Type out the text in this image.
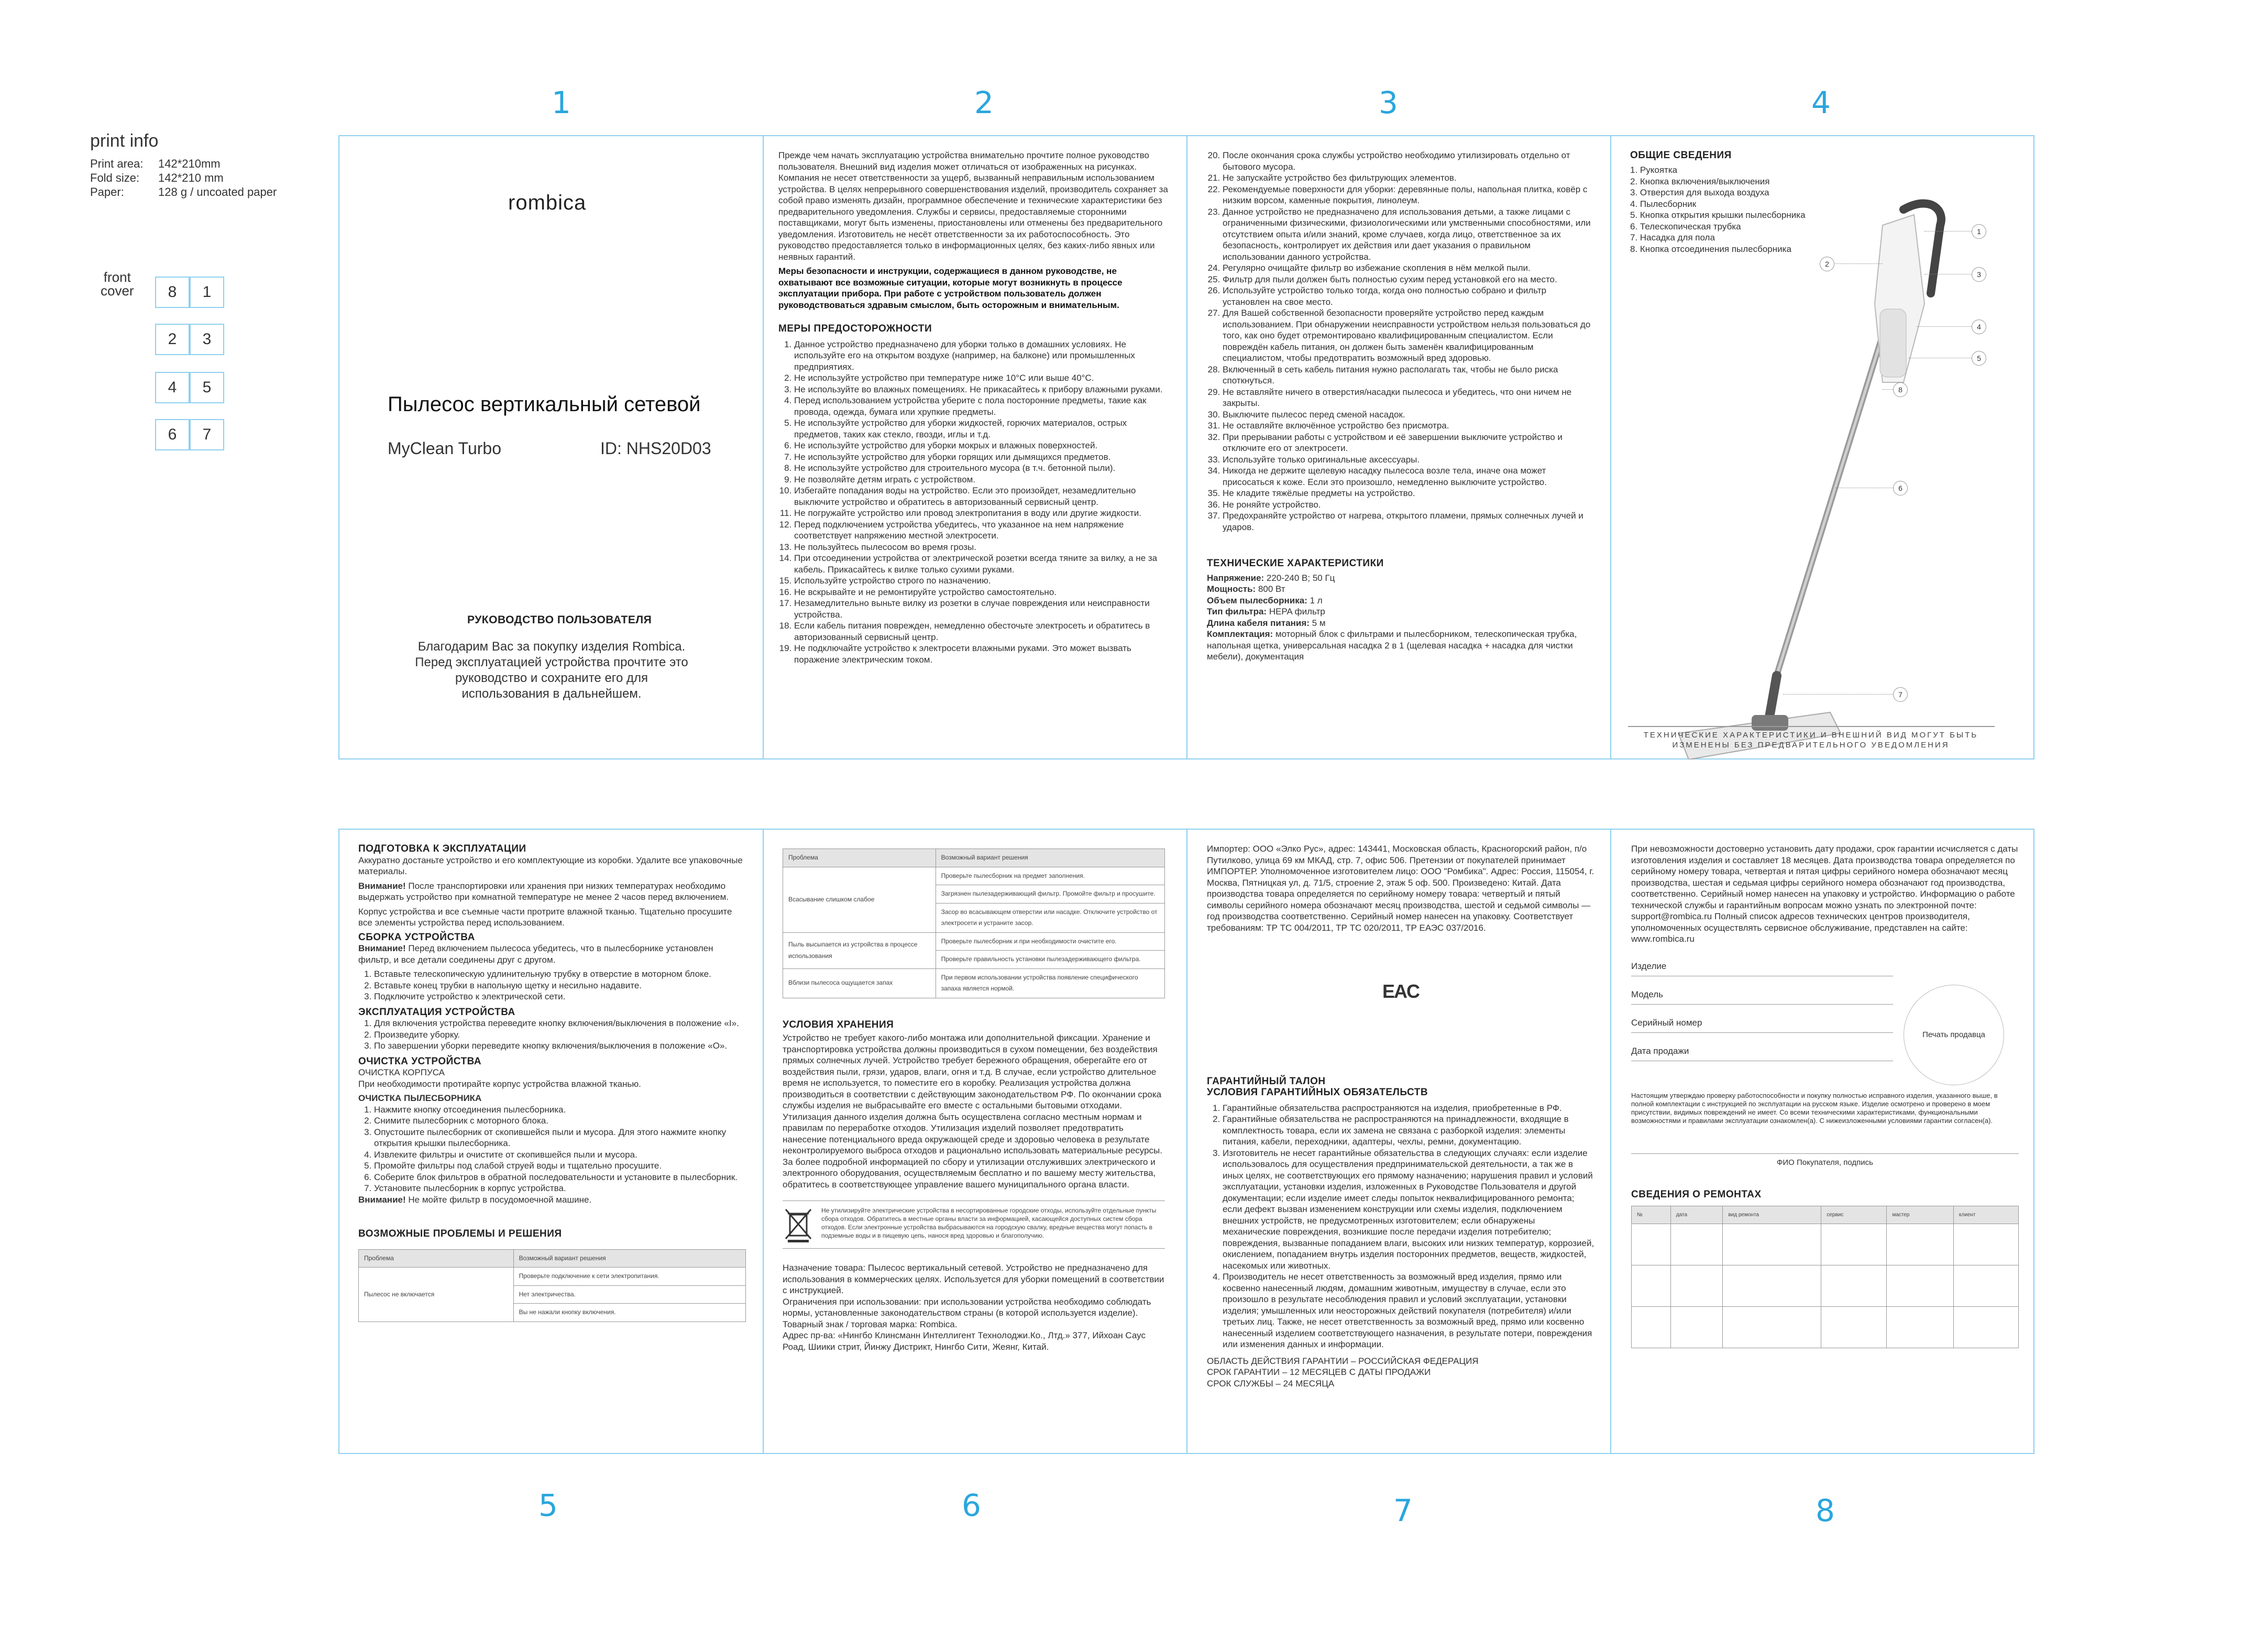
print info
Print area:	142*210mm
Fold size:	142*210 mm
Paper:	128 g / uncoated paper
front
cover	8	1
2	3
4	5
6	7
1	2	3	4
5	6	7	8
rombica
Пылесос вертикальный сетевой
MyClean Turbo	ID: NHS20D03
РУКОВОДСТВО ПОЛЬЗОВАТЕЛЯ
Благодарим Вас за покупку изделия Rombica. Перед эксплуатацией устройства прочтите это руководство и сохраните его для использования в дальнейшем.

Прежде чем начать эксплуатацию устройства внимательно прочтите полное руководство пользователя. Внешний вид изделия может отличаться от изображенных на рисунках. Компания не несет ответственности за ущерб, вызванный неправильным использованием устройства. В целях непрерывного совершенствования изделий, производитель сохраняет за собой право изменять дизайн, программное обеспечение и технические характеристики без предварительного уведомления. Службы и сервисы, предоставляемые сторонними поставщиками, могут быть изменены, приостановлены или отменены без предварительного уведомления. Изготовитель не несёт ответственности за их работоспособность. Это руководство предоставляется только в информационных целях, без каких-либо явных или неявных гарантий.

Меры безопасности и инструкции, содержащиеся в данном руководстве, не охватывают все возможные ситуации, которые могут возникнуть в процессе эксплуатации прибора. При работе с устройством пользователь должен руководствоваться здравым смыслом, быть осторожным и внимательным.

МЕРЫ ПРЕДОСТОРОЖНОСТИ
1. Данное устройство предназначено для уборки только в домашних условиях. Не используйте его на открытом воздухе (например, на балконе) или промышленных предприятиях.
2. Не используйте устройство при температуре ниже 10°С или выше 40°С.
3. Не используйте во влажных помещениях. Не прикасайтесь к прибору влажными руками.
4. Перед использованием устройства уберите с пола посторонние предметы, такие как провода, одежда, бумага или хрупкие предметы.
5. Не используйте устройство для уборки жидкостей, горючих материалов, острых предметов, таких как стекло, гвозди, иглы и т.д.
6. Не используйте устройство для уборки мокрых и влажных поверхностей.
7. Не используйте устройство для уборки горящих или дымящихся предметов.
8. Не используйте устройство для строительного мусора (в т.ч. бетонной пыли).
9. Не позволяйте детям играть с устройством.
10. Избегайте попадания воды на устройство. Если это произойдет, незамедлительно выключите устройство и обратитесь в авторизованный сервисный центр.
11. Не погружайте устройство или провод электропитания в воду или другие жидкости.
12. Перед подключением устройства убедитесь, что указанное на нем напряжение соответствует напряжению местной электросети.
13. Не пользуйтесь пылесосом во время грозы.
14. При отсоединении устройства от электрической розетки всегда тяните за вилку, а не за кабель. Прикасайтесь к вилке только сухими руками.
15. Используйте устройство строго по назначению.
16. Не вскрывайте и не ремонтируйте устройство самостоятельно.
17. Незамедлительно выньте вилку из розетки в случае повреждения или неисправности устройства.
18. Если кабель питания поврежден, немедленно обесточьте электросеть и обратитесь в авторизованный сервисный центр.
19. Не подключайте устройство к электросети влажными руками. Это может вызвать поражение электрическим током.
20. После окончания срока службы устройство необходимо утилизировать отдельно от бытового мусора.
21. Не запускайте устройство без фильтрующих элементов.
22. Рекомендуемые поверхности для уборки: деревянные полы, напольная плитка, ковёр с низким ворсом, каменные покрытия, линолеум.
23. Данное устройство не предназначено для использования детьми, а также лицами с ограниченными физическими, физиологическими или умственными способностями, или отсутствием опыта и/или знаний, кроме случаев, когда лицо, ответственное за их безопасность, контролирует их действия или дает указания о правильном использовании данного устройства.
24. Регулярно очищайте фильтр во избежание скопления в нём мелкой пыли.
25. Фильтр для пыли должен быть полностью сухим перед установкой его на место.
26. Используйте устройство только тогда, когда оно полностью собрано и фильтр установлен на свое место.
27. Для Вашей собственной безопасности проверяйте устройство перед каждым использованием. При обнаружении неисправности устройством нельзя пользоваться до того, как оно будет отремонтировано квалифицированным специалистом. Если повреждён кабель питания, он должен быть заменён квалифицированным специалистом, чтобы предотвратить возможный вред здоровью.
28. Включенный в сеть кабель питания нужно располагать так, чтобы не было риска споткнуться.
29. Не вставляйте ничего в отверстия/насадки пылесоса и убедитесь, что они ничем не закрыты.
30. Выключите пылесос перед сменой насадок.
31. Не оставляйте включённое устройство без присмотра.
32. При прерывании работы с устройством и её завершении выключите устройство и отключите его от электросети.
33. Используйте только оригинальные аксессуары.
34. Никогда не держите щелевую насадку пылесоса возле тела, иначе она может присосаться к коже. Если это произошло, немедленно выключите устройство.
35. Не кладите тяжёлые предметы на устройство.
36. Не роняйте устройство.
37. Предохраняйте устройство от нагрева, открытого пламени, прямых солнечных лучей и ударов.
ТЕХНИЧЕСКИЕ ХАРАКТЕРИСТИКИ
Напряжение: 220-240 В; 50 Гц
Мощность: 800 Вт
Объем пылесборника: 1 л
Тип фильтра: HEPA фильтр
Длина кабеля питания: 5 м
Комплектация: моторный блок с фильтрами и пылесборником, телескопическая трубка, напольная щетка, универсальная насадка 2 в 1 (щелевая насадка + насадка для чистки мебели), документация
ОБЩИЕ СВЕДЕНИЯ
1. Рукоятка
2. Кнопка включения/выключения
3. Отверстия для выхода воздуха
4. Пылесборник
5. Кнопка открытия крышки пылесборника
6. Телескопическая трубка
7. Насадка для пола
8. Кнопка отсоединения пылесборника
1
2
3
4
5
6
7
8
ТЕХНИЧЕСКИЕ ХАРАКТЕРИСТИКИ И ВНЕШНИЙ ВИД МОГУТ БЫТЬ ИЗМЕНЕНЫ БЕЗ ПРЕДВАРИТЕЛЬНОГО УВЕДОМЛЕНИЯ
ПОДГОТОВКА К ЭКСПЛУАТАЦИИ

Аккуратно достаньте устройство и его комплектующие из коробки. Удалите все упаковочные материалы.

Внимание! После транспортировки или хранения при низких температурах необходимо выдержать устройство при комнатной температуре не менее 2 часов перед включением.

Корпус устройства и все съемные части протрите влажной тканью. Тщательно просушите все элементы устройства перед использованием.

СБОРКА УСТРОЙСТВА

Внимание! Перед включением пылесоса убедитесь, что в пылесборнике установлен фильтр, и все детали соединены друг с другом.

1. Вставьте телескопическую удлинительную трубку в отверстие в моторном блоке.
2. Вставьте конец трубки в напольную щетку и несильно надавите.
3. Подключите устройство к электрической сети.
ЭКСПЛУАТАЦИЯ УСТРОЙСТВА
1. Для включения устройства переведите кнопку включения/выключения в положение «I».
2. Произведите уборку.
3. По завершении уборки переведите кнопку включения/выключения в положение «O».
ОЧИСТКА УСТРОЙСТВА
ОЧИСТКА КОРПУСА

При необходимости протирайте корпус устройства влажной тканью.

ОЧИСТКА ПЫЛЕСБОРНИКА
1. Нажмите кнопку отсоединения пылесборника.
2. Снимите пылесборник с моторного блока.
3. Опустошите пылесборник от скопившейся пыли и мусора. Для этого нажмите кнопку открытия крышки пылесборника.
4. Извлеките фильтры и очистите от скопившейся пыли и мусора.
5. Промойте фильтры под слабой струей воды и тщательно просушите.
6. Соберите блок фильтров в обратной последовательности и установите в пылесборник.
7. Установите пылесборник в корпус устройства.

Внимание! Не мойте фильтр в посудомоечной машине.

ВОЗМОЖНЫЕ ПРОБЛЕМЫ И РЕШЕНИЯ
Проблема	Возможный вариант решения
Пылесос не включается	Проверьте подключение к сети электропитания.
	Нет электричества.
	Вы не нажали кнопку включения.
Проблема	Возможный вариант решения
Всасывание слишком слабое	Проверьте пылесборник на предмет заполнения.
	Загрязнен пылезадерживающий фильтр. Промойте фильтр и просушите.
	Засор во всасывающем отверстии или насадке. Отключите устройство от электросети и устраните засор.
Пыль высыпается из устройства в процессе использования	Проверьте пылесборник и при необходимости очистите его.
	Проверьте правильность установки пылезадерживающего фильтра.
Вблизи пылесоса ощущается запах	При первом использовании устройства появление специфического запаха является нормой.
УСЛОВИЯ ХРАНЕНИЯ

Устройство не требует какого-либо монтажа или дополнительной фиксации. Хранение и транспортировка устройства должны производиться в сухом помещении, без воздействия прямых солнечных лучей. Устройство требует бережного обращения, оберегайте его от воздействия пыли, грязи, ударов, влаги, огня и т.д. В случае, если устройство длительное время не используется, то поместите его в коробку. Реализация устройства должна производиться в соответствии с действующим законодательством РФ. По окончании срока службы изделия не выбрасывайте его вместе с остальными бытовыми отходами. Утилизация данного изделия должна быть осуществлена согласно местным нормам и правилам по переработке отходов. Утилизация изделий позволяет предотвратить нанесение потенциального вреда окружающей среде и здоровью человека в результате неконтролируемого выброса отходов и рационально использовать материальные ресурсы. За более подробной информацией по сбору и утилизации отслуживших электрического и электронного оборудования, осуществляемым бесплатно и по вашему месту жительства, обратитесь в соответствующее управление вашего муниципального органа власти.

Не утилизируйте электрические устройства в несортированные городские отходы, используйте отдельные пункты сбора отходов. Обратитесь в местные органы власти за информацией, касающейся доступных систем сбора отходов. Если электронные устройства выбрасываются на городскую свалку, вредные вещества могут попасть в подземные воды и в пищевую цепь, нанося вред здоровью и благополучию.

Назначение товара: Пылесос вертикальный сетевой. Устройство не предназначено для использования в коммерческих целях. Используется для уборки помещений в соответствии с инструкцией.

Ограничения при использовании: при использовании устройства необходимо соблюдать нормы, установленные законодательством страны (в которой используется изделие).

Товарный знак / торговая марка: Rombica.

Адрес пр-ва: «Нингбо Клинсманн Интеллигент Технолоджи.Ко., Лтд.» 377, Ийхоан Саус Роад, Шиики стрит, Йинжу Дистрикт, Нингбо Сити, Жеянг, Китай.

Импортер: ООО «Элко Рус», адрес: 143441, Московская область, Красногорский район, п/о Путилково, улица 69 км МКАД, стр. 7, офис 506. Претензии от покупателей принимает ИМПОРТЕР. Уполномоченное изготовителем лицо: ООО "Ромбика". Адрес: Россия, 115054, г. Москва, Пятницкая ул, д. 71/5, строение 2, этаж 5 оф. 500. Произведено: Китай. Дата производства товара определяется по серийному номеру товара: четвертый и пятый символы серийного номера обозначают месяц производства, шестой и седьмой символы — год производства соответственно. Серийный номер нанесен на упаковку. Соответствует требованиям: ТР ТС 004/2011, ТР ТС 020/2011, ТР ЕАЭС 037/2016.

EAC
ГАРАНТИЙНЫЙ ТАЛОН
УСЛОВИЯ ГАРАНТИЙНЫХ ОБЯЗАТЕЛЬСТВ
1. Гарантийные обязательства распространяются на изделия, приобретенные в РФ.
2. Гарантийные обязательства не распространяются на принадлежности, входящие в комплектность товара, если их замена не связана с разборкой изделия: элементы питания, кабели, переходники, адаптеры, чехлы, ремни, документацию.
3. Изготовитель не несет гарантийные обязательства в следующих случаях: если изделие использовалось для осуществления предпринимательской деятельности, а так же в иных целях, не соответствующих его прямому назначению; нарушения правил и условий эксплуатации, установки изделия, изложенных в Руководстве Пользователя и другой документации; если изделие имеет следы попыток неквалифицированного ремонта; если дефект вызван изменением конструкции или схемы изделия, подключением внешних устройств, не предусмотренных изготовителем; если обнаружены механические повреждения, возникшие после передачи изделия потребителю; повреждения, вызванные попаданием влаги, высоких или низких температур, коррозией, окислением, попаданием внутрь изделия посторонних предметов, веществ, жидкостей, насекомых или животных.
4. Производитель не несет ответственность за возможный вред изделия, прямо или косвенно нанесенный людям, домашним животным, имуществу в случае, если это произошло в результате несоблюдения правил и условий эксплуатации, установки изделия; умышленных или неосторожных действий покупателя (потребителя) и/или третьих лиц. Также, не несет ответственность за возможный вред, прямо или косвенно нанесенный изделием соответствующего назначения, в результате потери, повреждения или изменения данных и информации.
ОБЛАСТЬ ДЕЙСТВИЯ ГАРАНТИИ – РОССИЙСКАЯ ФЕДЕРАЦИЯ
СРОК ГАРАНТИИ – 12 МЕСЯЦЕВ С ДАТЫ ПРОДАЖИ
СРОК СЛУЖБЫ – 24 МЕСЯЦА

При невозможности достоверно установить дату продажи, срок гарантии исчисляется с даты изготовления изделия и составляет 18 месяцев. Дата производства товара определяется по серийному номеру товара, четвертая и пятая цифры серийного номера обозначают месяц производства, шестая и седьмая цифры серийного номера обозначают год производства, соответственно. Серийный номер нанесен на упаковку и устройство. Информацию о работе технической службы и гарантийным вопросам можно узнать по электронной почте: support@rombica.ru Полный список адресов технических центров производителя, уполномоченных осуществлять сервисное обслуживание, представлен на сайте: www.rombica.ru

Изделие
Модель
Серийный номер
Дата продажи
Печать продавца

Настоящим утверждаю проверку работоспособности и покупку полностью исправного изделия, указанного выше, в полной комплектации с инструкцией по эксплуатации на русском языке. Изделие осмотрено и проверено в моем присутствии, видимых повреждений не имеет. Со всеми техническими характеристиками, функциональными возможностями и правилами эксплуатации ознакомлен(а). С нижеизложенными условиями гарантии согласен(а).

ФИО Покупателя, подпись
СВЕДЕНИЯ О РЕМОНТАХ
№	дата	вид ремонта	сервис	мастер	клиент
